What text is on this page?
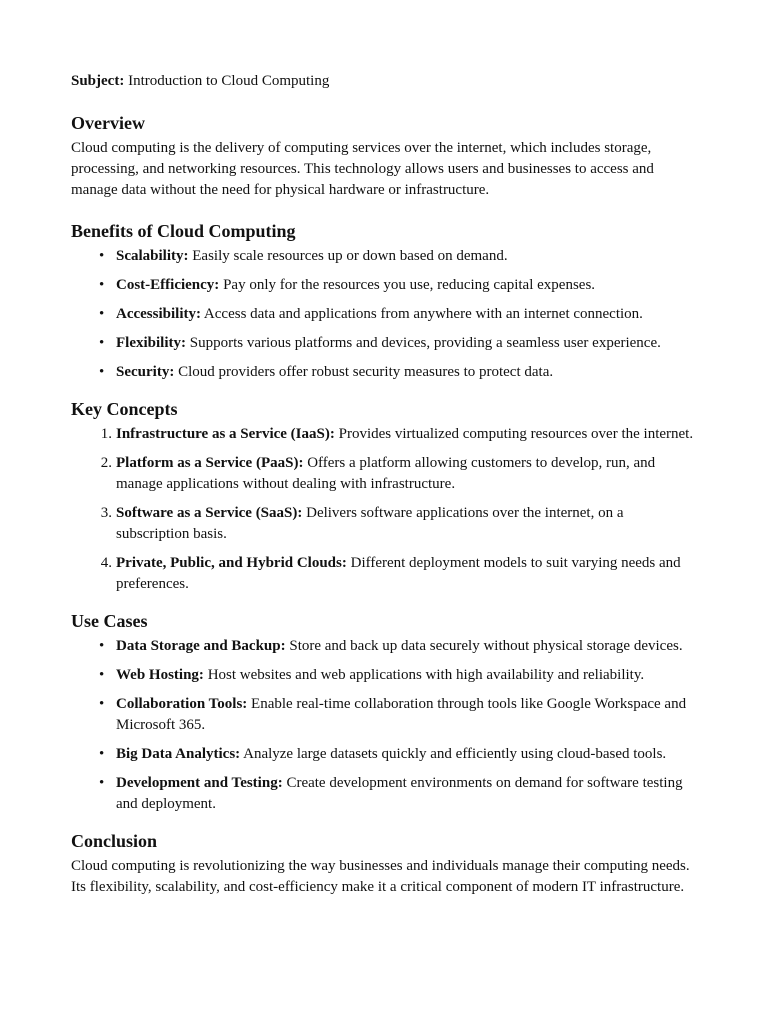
Subject: Introduction to Cloud Computing

Overview

Cloud computing is the delivery of computing services over the internet, which includes storage, processing, and networking resources. This technology allows users and businesses to access and manage data without the need for physical hardware or infrastructure.

Benefits of Cloud Computing
• Scalability: Easily scale resources up or down based on demand.
• Cost-Efficiency: Pay only for the resources you use, reducing capital expenses.
• Accessibility: Access data and applications from anywhere with an internet connection.
• Flexibility: Supports various platforms and devices, providing a seamless user experience.
• Security: Cloud providers offer robust security measures to protect data.
Key Concepts
1. Infrastructure as a Service (IaaS): Provides virtualized computing resources over the internet.
2. Platform as a Service (PaaS): Offers a platform allowing customers to develop, run, and manage applications without dealing with infrastructure.
3. Software as a Service (SaaS): Delivers software applications over the internet, on a subscription basis.
4. Private, Public, and Hybrid Clouds: Different deployment models to suit varying needs and preferences.
Use Cases
• Data Storage and Backup: Store and back up data securely without physical storage devices.
• Web Hosting: Host websites and web applications with high availability and reliability.
• Collaboration Tools: Enable real-time collaboration through tools like Google Workspace and Microsoft 365.
• Big Data Analytics: Analyze large datasets quickly and efficiently using cloud-based tools.
• Development and Testing: Create development environments on demand for software testing and deployment.
Conclusion

Cloud computing is revolutionizing the way businesses and individuals manage their computing needs. Its flexibility, scalability, and cost-efficiency make it a critical component of modern IT infrastructure.
